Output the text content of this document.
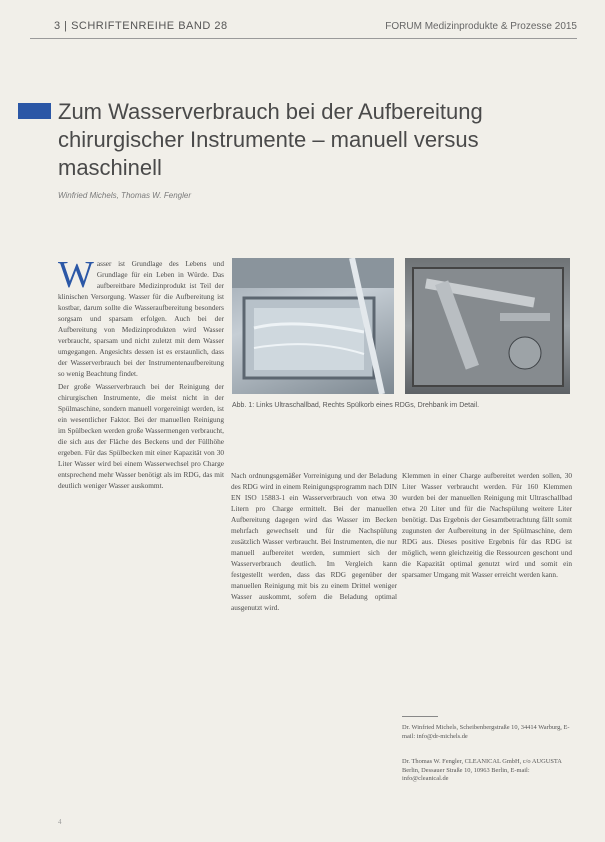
3 | SCHRIFTENREIHE BAND 28	FORUM Medizinprodukte & Prozesse 2015
Zum Wasserverbrauch bei der Aufbereitung chirurgischer Instrumente – manuell versus maschinell
Winfried Michels, Thomas W. Fengler

Wasser ist Grundlage des Lebens und Grundlage für ein Leben in Würde. Das aufbereitbare Medizinprodukt ist Teil der klinischen Versorgung. Wasser für die Aufbereitung ist kostbar, darum sollte die Wasseraufbereitung besonders sorgsam und sparsam erfolgen. Auch bei der Aufbereitung von Medizinprodukten wird Wasser verbraucht, sparsam und nicht zuletzt mit dem Wasser umgegangen. Angesichts dessen ist es erstaunlich, dass der Wasserverbrauch bei der Instrumentenaufbereitung so wenig Beachtung findet.

Der große Wasserverbrauch bei der Reinigung der chirurgischen Instrumente, die meist nicht in der Spülmaschine, sondern manuell vorgereinigt werden, ist ein wesentlicher Faktor. Bei der manuellen Reinigung im Spülbecken werden große Wassermengen verbraucht, die sich aus der Fläche des Beckens und der Füllhöhe ergeben. Für das Spülbecken mit einer Kapazität von 30 Liter Wasser wird bei einem Wasserwechsel pro Charge entsprechend mehr Wasser benötigt als im RDG, das mit deutlich weniger Wasser auskommt.

Abb. 1: Links Ultraschallbad, Rechts Spülkorb eines RDGs, Drehbank im Detail.

Nach ordnungsgemäßer Vorreinigung und der Beladung des RDG wird in einem Reinigungsprogramm nach DIN EN ISO 15883-1 ein Wasserverbrauch von etwa 30 Litern pro Charge ermittelt. Bei der manuellen Aufbereitung dagegen wird das Wasser im Becken mehrfach gewechselt und für die Nachspülung zusätzlich Wasser verbraucht. Bei Instrumenten, die nur manuell aufbereitet werden, summiert sich der Wasserverbrauch deutlich. Im Vergleich kann festgestellt werden, dass das RDG gegenüber der manuellen Reinigung mit bis zu einem Drittel weniger Wasser auskommt, sofern die Beladung optimal ausgenutzt wird.

Klemmen in einer Charge aufbereitet werden sollen, 30 Liter Wasser verbraucht werden. Für 160 Klemmen wurden bei der manuellen Reinigung mit Ultraschallbad etwa 20 Liter und für die Nachspülung weitere Liter benötigt. Das Ergebnis der Gesamtbetrachtung fällt somit zugunsten der Aufbereitung in der Spülmaschine, dem RDG aus. Dieses positive Ergebnis für das RDG ist möglich, wenn gleichzeitig die Ressourcen geschont und die Kapazität optimal genutzt wird und somit ein sparsamer Umgang mit Wasser erreicht werden kann.

Dr. Winfried Michels, Scheibenbergstraße 10, 34414 Warburg, E-mail: info@dr-michels.de
Dr. Thomas W. Fengler, CLEANICAL GmbH, c/o AUGUSTA Berlin, Dessauer Straße 10, 10963 Berlin, E-mail: info@cleanical.de
4
